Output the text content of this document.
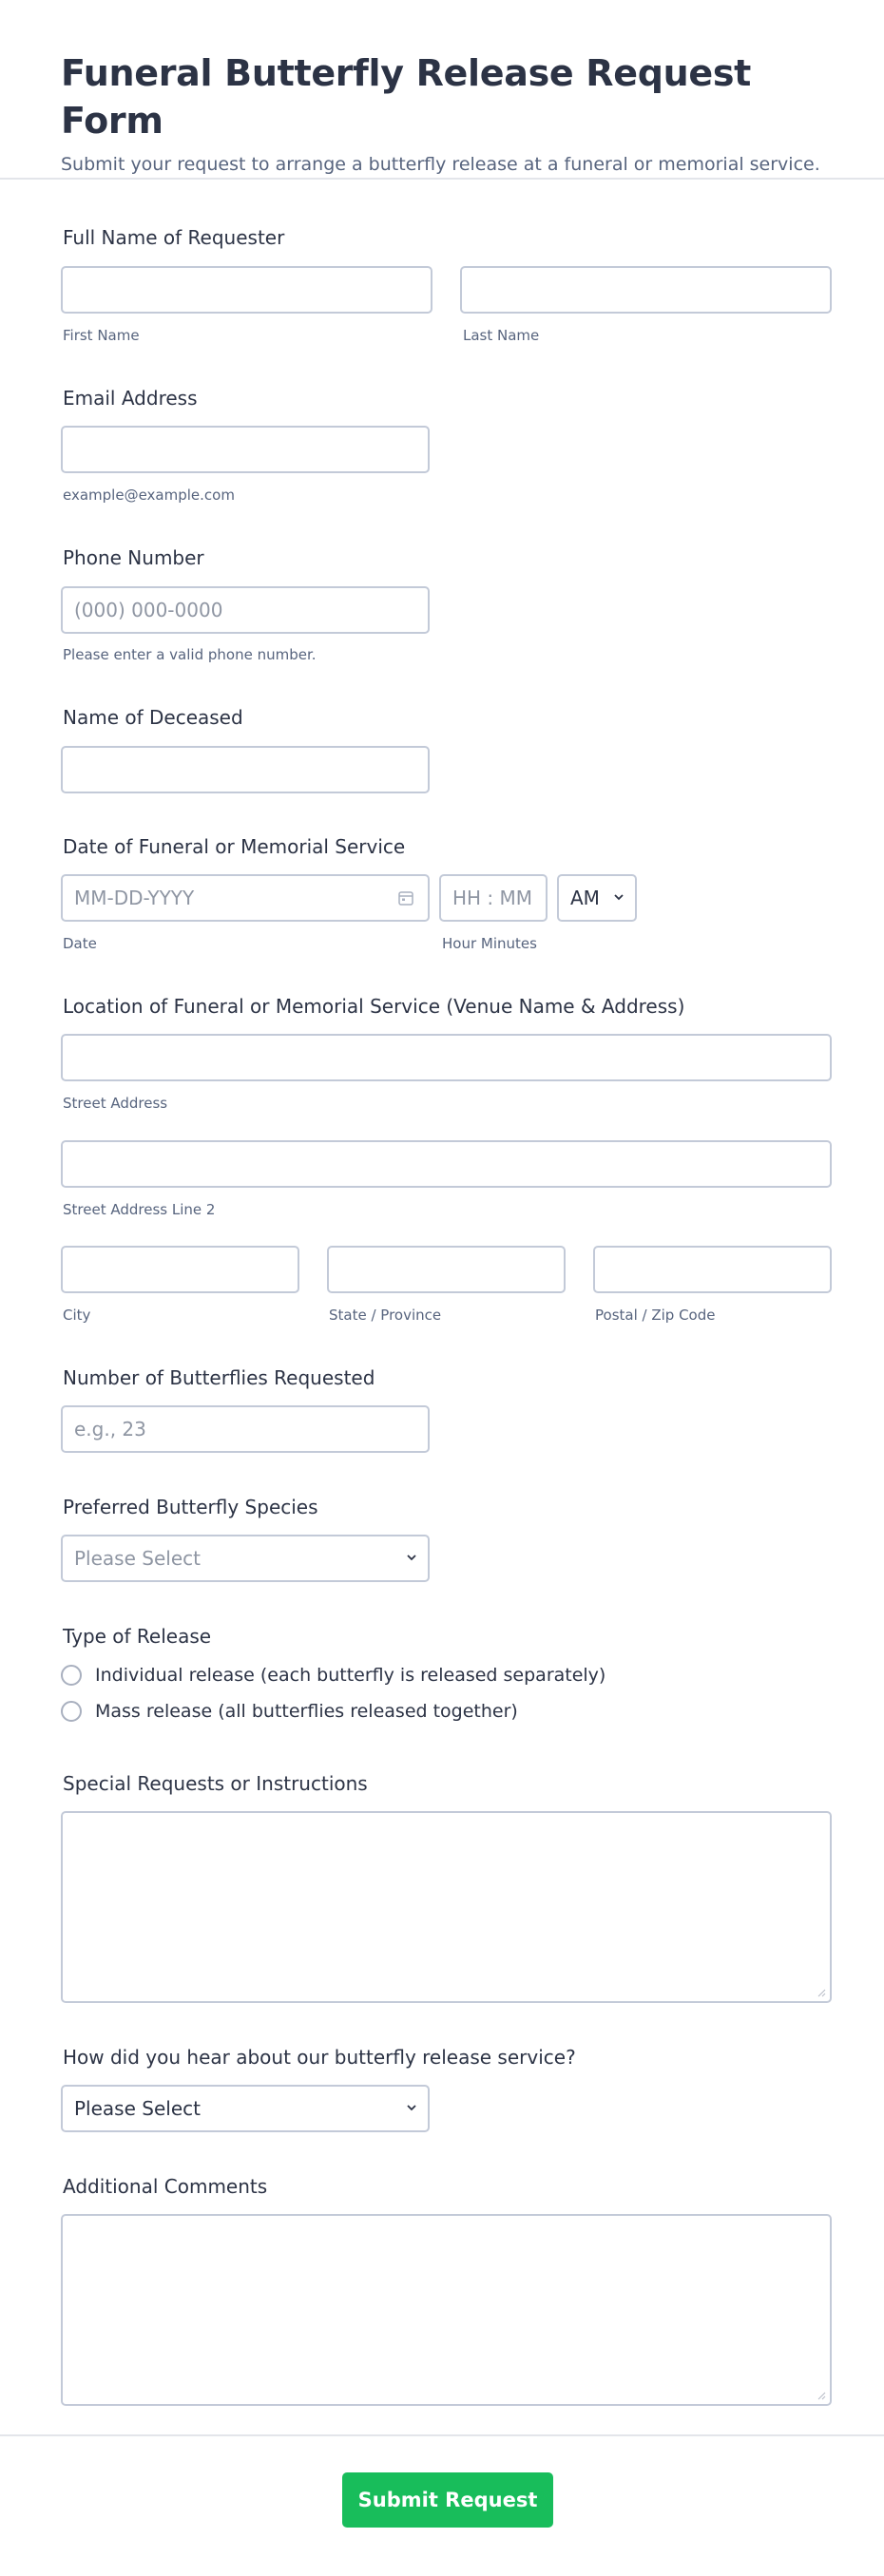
Funeral Butterfly Release Request Form
Submit your request to arrange a butterfly release at a funeral or memorial service.
Full Name of Requester
First Name	Last Name
Email Address
example@example.com
Phone Number
(000) 000-0000
Please enter a valid phone number.
Name of Deceased
Date of Funeral or Memorial Service
MM-DD-YYYY	HH : MM	AM
Date	Hour Minutes
Location of Funeral or Memorial Service (Venue Name & Address)
Street Address
Street Address Line 2
City	State / Province	Postal / Zip Code
Number of Butterflies Requested
e.g., 23
Preferred Butterfly Species
Please Select
Type of Release
Individual release (each butterfly is released separately)
Mass release (all butterflies released together)
Special Requests or Instructions
How did you hear about our butterfly release service?
Please Select
Additional Comments
Submit Request
